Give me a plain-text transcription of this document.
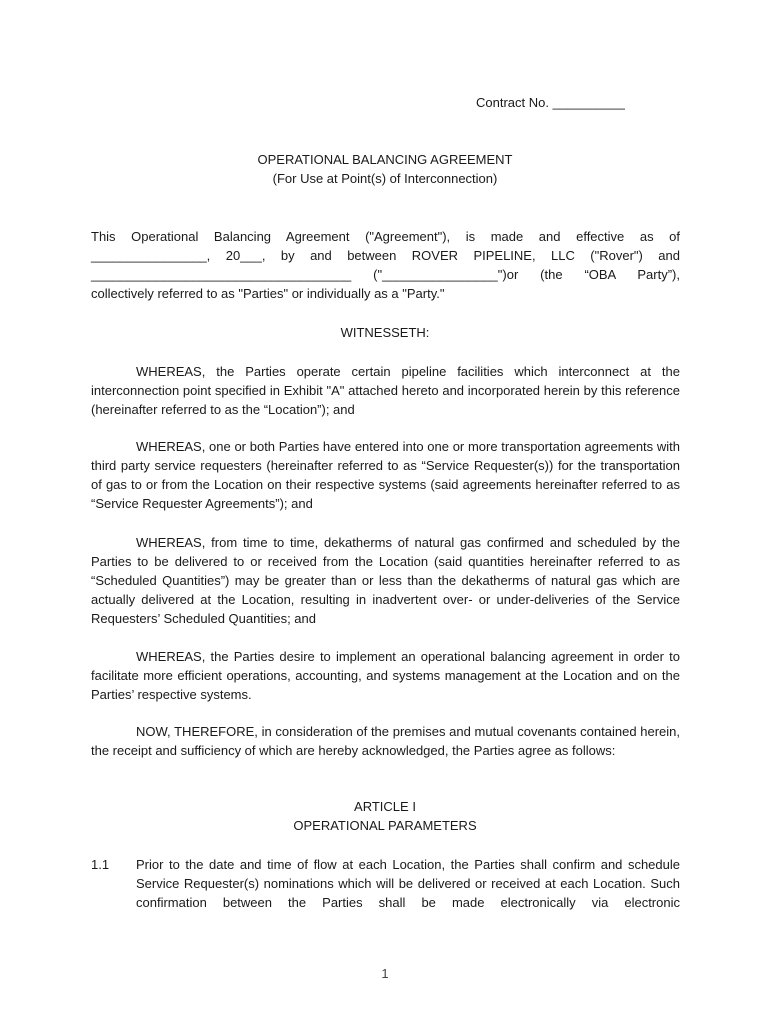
Contract No. __________
OPERATIONAL BALANCING AGREEMENT
(For Use at Point(s) of Interconnection)
This Operational Balancing Agreement ("Agreement"), is made and effective as of
________________, 20___, by and between ROVER PIPELINE, LLC ("Rover") and
____________________________________ ("________________")or (the “OBA Party”),
collectively referred to as "Parties" or individually as a "Party."
WITNESSETH:
WHEREAS, the Parties operate certain pipeline facilities which interconnect at the interconnection point specified in Exhibit "A" attached hereto and incorporated herein by this reference (hereinafter referred to as the “Location”); and
WHEREAS, one or both Parties have entered into one or more transportation agreements with third party service requesters (hereinafter referred to as “Service Requester(s)) for the transportation of gas to or from the Location on their respective systems (said agreements hereinafter referred to as “Service Requester Agreements”); and
WHEREAS, from time to time, dekatherms of natural gas confirmed and scheduled by the Parties to be delivered to or received from the Location (said quantities hereinafter referred to as “Scheduled Quantities”) may be greater than or less than the dekatherms of natural gas which are actually delivered at the Location, resulting in inadvertent over- or under-deliveries of the Service Requesters’ Scheduled Quantities; and
WHEREAS, the Parties desire to implement an operational balancing agreement in order to facilitate more efficient operations, accounting, and systems management at the Location and on the Parties’ respective systems.
NOW, THEREFORE, in consideration of the premises and mutual covenants contained herein, the receipt and sufficiency of which are hereby acknowledged, the Parties agree as follows:
ARTICLE I
OPERATIONAL PARAMETERS
1.1 Prior to the date and time of flow at each Location, the Parties shall confirm and schedule Service Requester(s) nominations which will be delivered or received at each Location. Such confirmation between the Parties shall be made electronically via electronic
1
